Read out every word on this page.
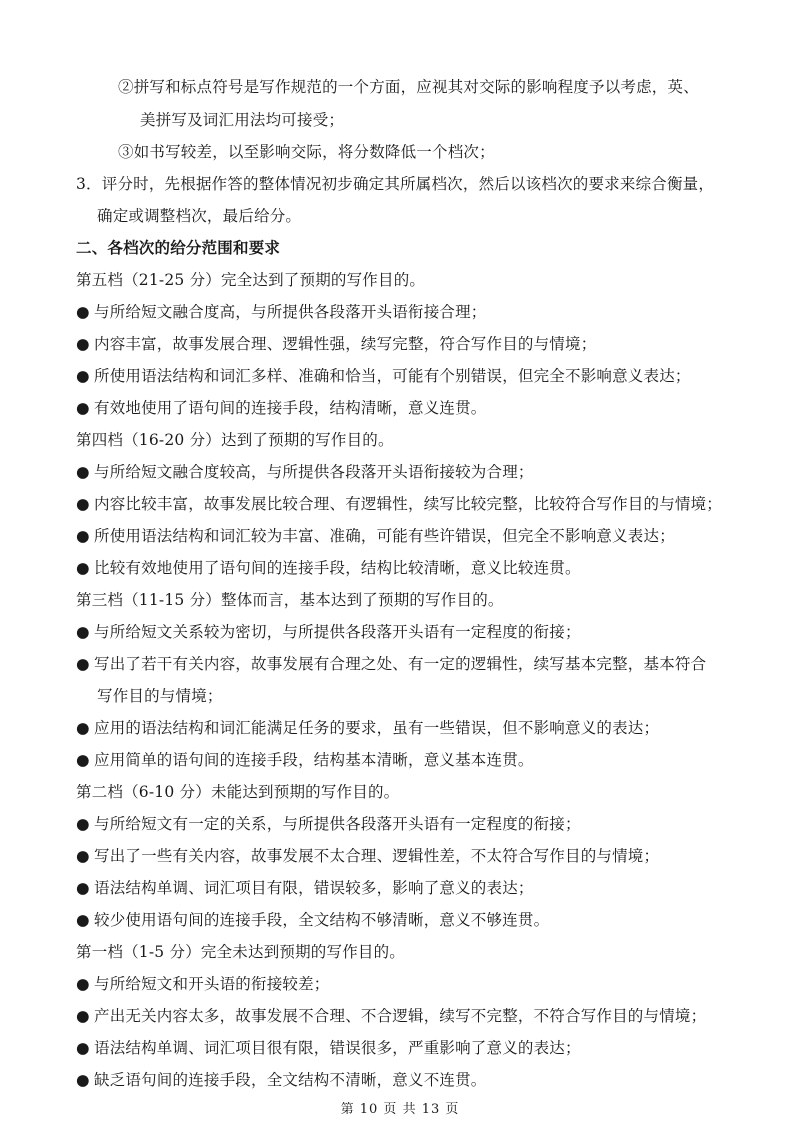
②拼写和标点符号是写作规范的一个方面，应视其对交际的影响程度予以考虑，英、
美拼写及词汇用法均可接受；
③如书写较差，以至影响交际，将分数降低一个档次；
3．评分时，先根据作答的整体情况初步确定其所属档次，然后以该档次的要求来综合衡量，
确定或调整档次，最后给分。
二、各档次的给分范围和要求
第五档（21-25 分）完全达到了预期的写作目的。
● 与所给短文融合度高，与所提供各段落开头语衔接合理；
● 内容丰富，故事发展合理、逻辑性强，续写完整，符合写作目的与情境；
● 所使用语法结构和词汇多样、准确和恰当，可能有个别错误，但完全不影响意义表达；
● 有效地使用了语句间的连接手段，结构清晰，意义连贯。
第四档（16-20 分）达到了预期的写作目的。
● 与所给短文融合度较高，与所提供各段落开头语衔接较为合理；
● 内容比较丰富，故事发展比较合理、有逻辑性，续写比较完整，比较符合写作目的与情境；
● 所使用语法结构和词汇较为丰富、准确，可能有些许错误，但完全不影响意义表达；
● 比较有效地使用了语句间的连接手段，结构比较清晰，意义比较连贯。
第三档（11-15 分）整体而言，基本达到了预期的写作目的。
● 与所给短文关系较为密切，与所提供各段落开头语有一定程度的衔接；
● 写出了若干有关内容，故事发展有合理之处、有一定的逻辑性，续写基本完整，基本符合
写作目的与情境；
● 应用的语法结构和词汇能满足任务的要求，虽有一些错误，但不影响意义的表达；
● 应用简单的语句间的连接手段，结构基本清晰，意义基本连贯。
第二档（6-10 分）未能达到预期的写作目的。
● 与所给短文有一定的关系，与所提供各段落开头语有一定程度的衔接；
● 写出了一些有关内容，故事发展不太合理、逻辑性差，不太符合写作目的与情境；
● 语法结构单调、词汇项目有限，错误较多，影响了意义的表达；
● 较少使用语句间的连接手段，全文结构不够清晰，意义不够连贯。
第一档（1-5 分）完全未达到预期的写作目的。
● 与所给短文和开头语的衔接较差；
● 产出无关内容太多，故事发展不合理、不合逻辑，续写不完整，不符合写作目的与情境；
● 语法结构单调、词汇项目很有限，错误很多，严重影响了意义的表达；
● 缺乏语句间的连接手段，全文结构不清晰，意义不连贯。
第 10 页 共 13 页
